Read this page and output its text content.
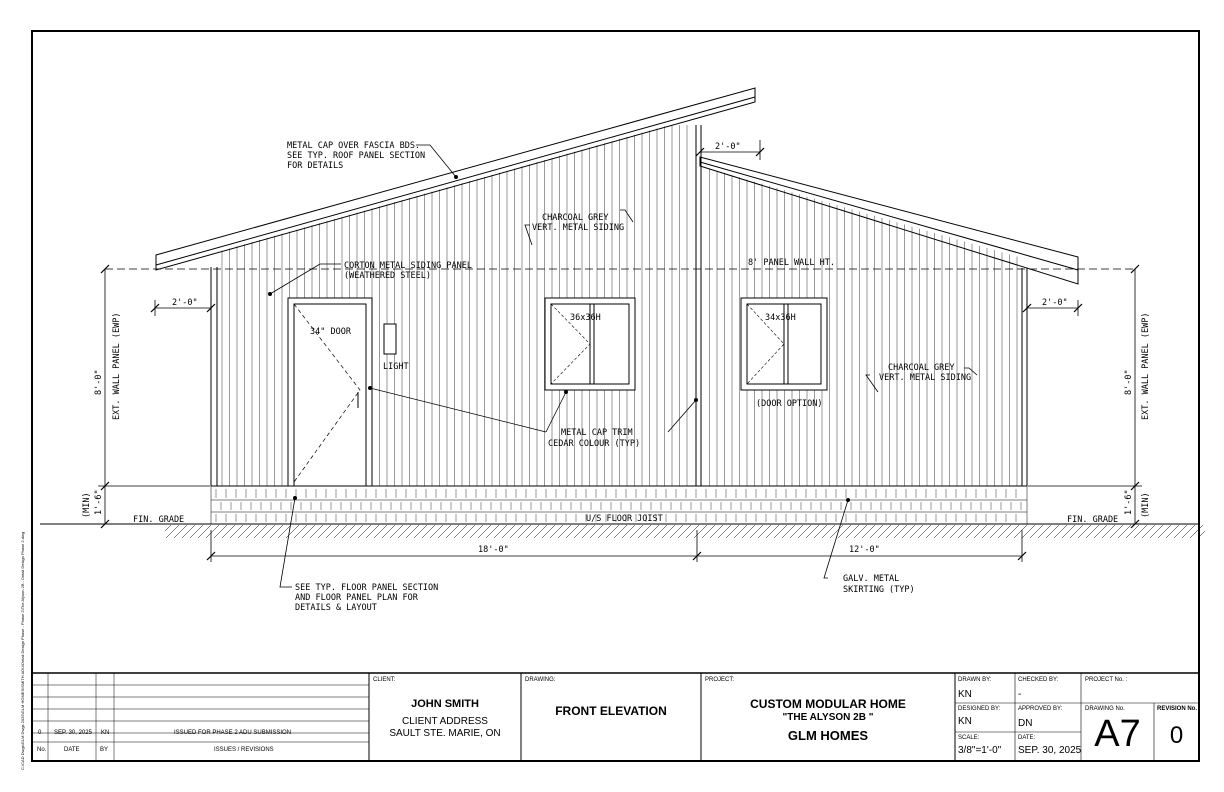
METAL CAP OVER FASCIA BDS.
SEE TYP. ROOF PANEL SECTION
FOR DETAILS
CHARCOAL GREY
VERT. METAL SIDING
CORTON METAL SIDING PANEL
(WEATHERED STEEL)
CHARCOAL GREY
VERT. METAL SIDING
METAL CAP TRIM
CEDAR COLOUR (TYP)
SEE TYP. FLOOR PANEL SECTION
AND FLOOR PANEL PLAN FOR
DETAILS & LAYOUT
GALV. METAL
SKIRTING (TYP)
34" DOOR
LIGHT
36x36H	34x36H
(DOOR OPTION)
8' PANEL WALL HT.
U/S FLOOR JOIST
FIN. GRADE	FIN. GRADE
2'-0"
2'-0"	2'-0"
18'-0"	12'-0"
8'-0" EXT. WALL PANEL (EWP)
1'-6"
(MIN)
8'-0" EXT. WALL PANEL (EWP)
1'-6" (MIN)
C:\CAD Dwgs\GLM Dwgs 2025\GLM HOMES\SMITH ADU\Detail Design Phase - Phase 2\The Alyson 2B - Detail Design Phase 2.dwg 0 SEP. 30, 2025 KN	ISSUED FOR PHASE 2 ADU SUBMISSION
No.	DATE	BY	ISSUES / REVISIONS
CLIENT:
JOHN SMITH
CLIENT ADDRESS
SAULT STE. MARIE, ON
DRAWING:
FRONT ELEVATION
PROJECT:
CUSTOM MODULAR HOME
"THE ALYSON 2B "
GLM HOMES
DRAWN BY:
KN
CHECKED BY:
-
PROJECT No. :
DESIGNED BY:
KN
APPROVED BY:
DN
DRAWING No.
A7
REVISION No.
0
SCALE:
3/8"=1'-0"
DATE:
SEP. 30, 2025
